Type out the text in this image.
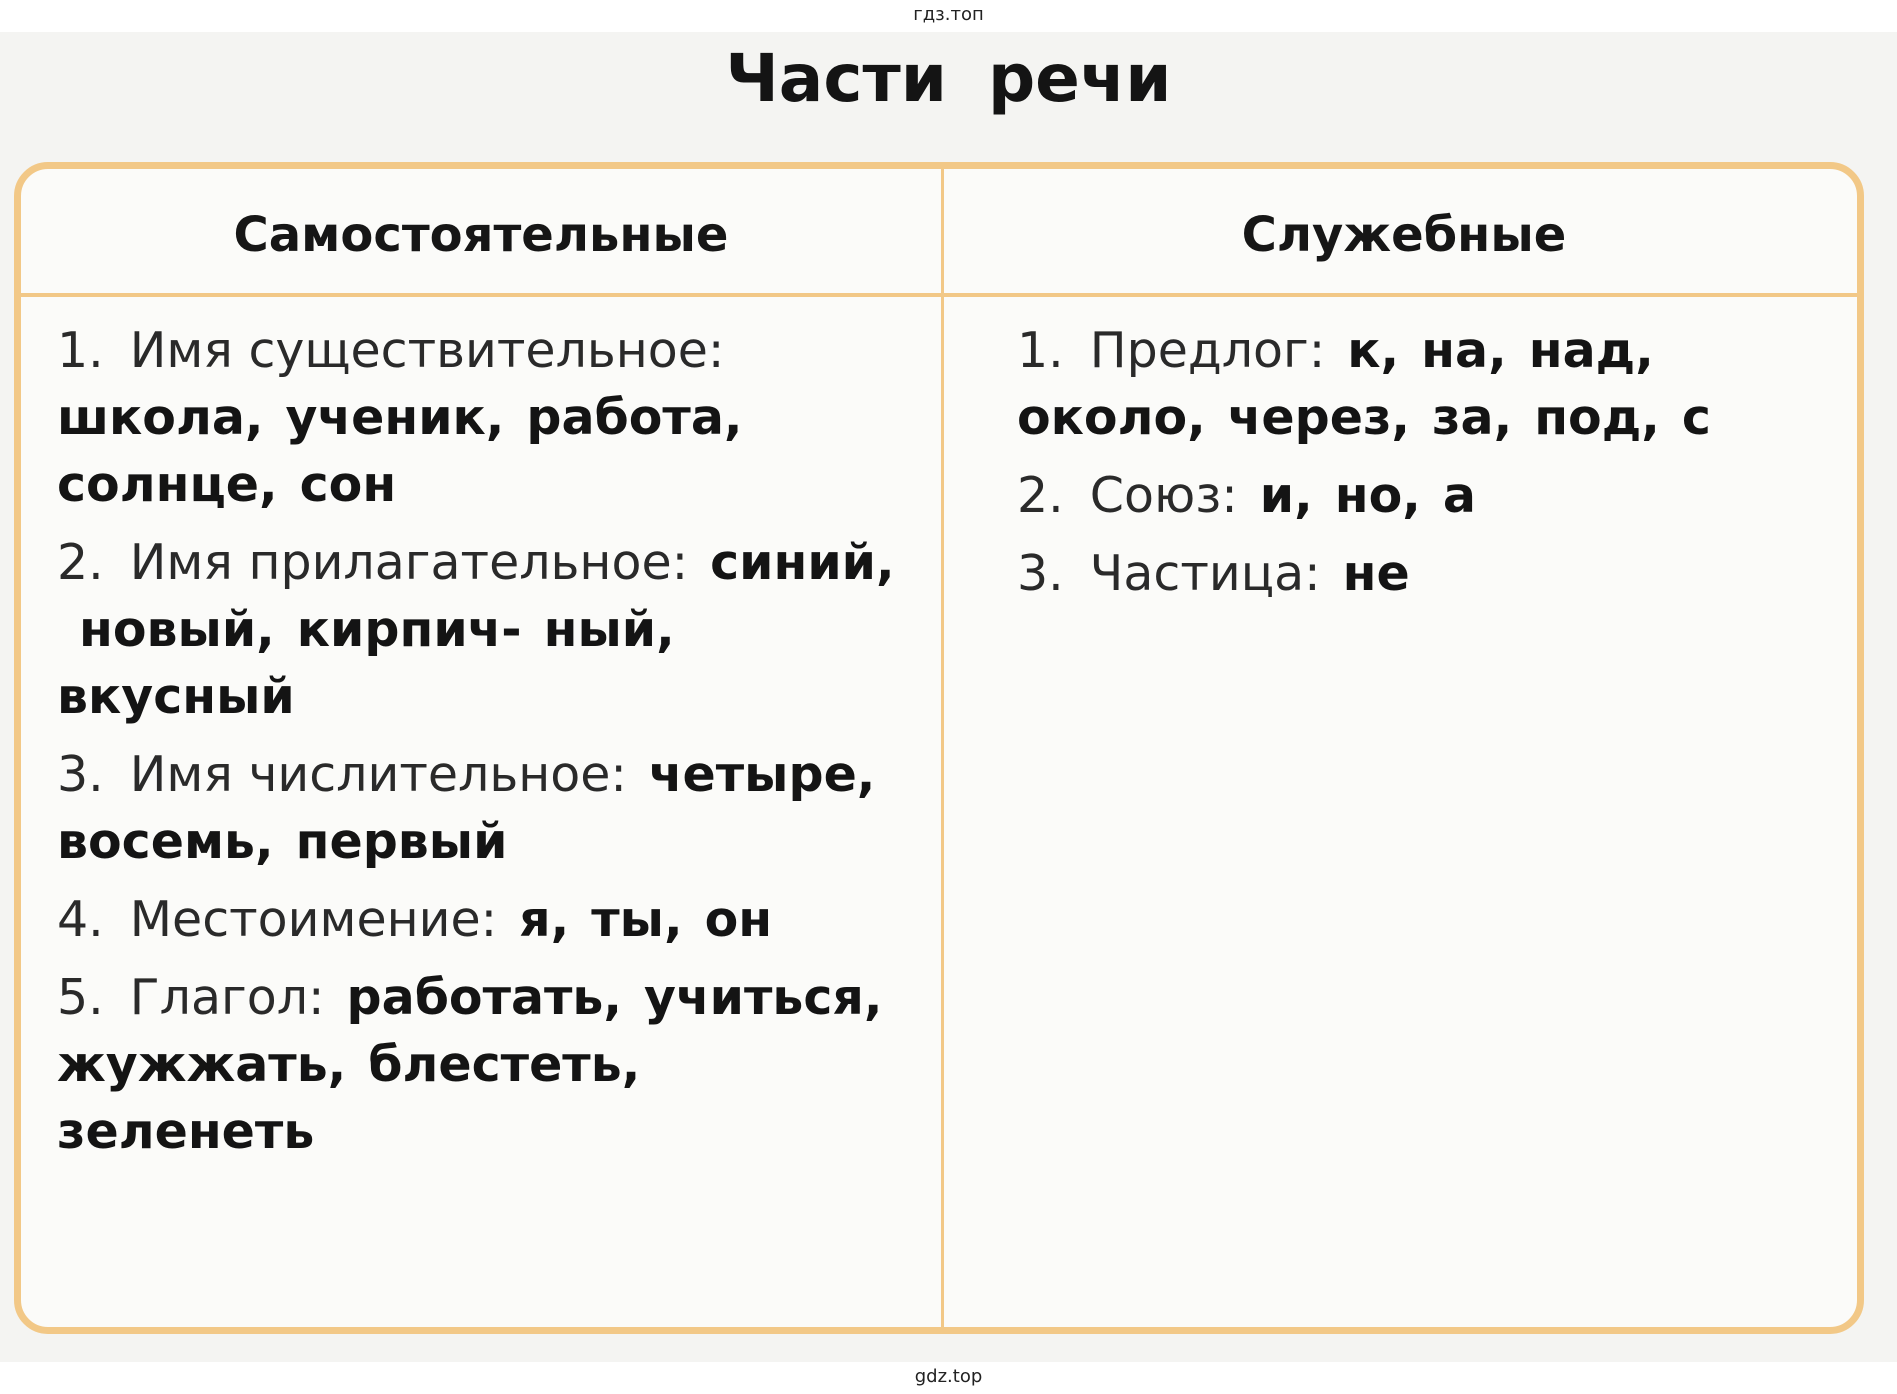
гдз.топ
Части речи
Самостоятельные	Служебные
1. Имя существительное:школа, ученик, работа,солнце, сон
2. Имя прилагательное: синий,новый, кирпич- ный,вкусный
3. Имя числительное: четыре,восемь, первый
4. Местоимение: я, ты, он
5. Глагол: работать, учиться,жужжать, блестеть,зеленеть
1. Предлог: к, на, над,около, через, за, под, с
2. Союз: и, но, а
3. Частица: не
gdz.top
